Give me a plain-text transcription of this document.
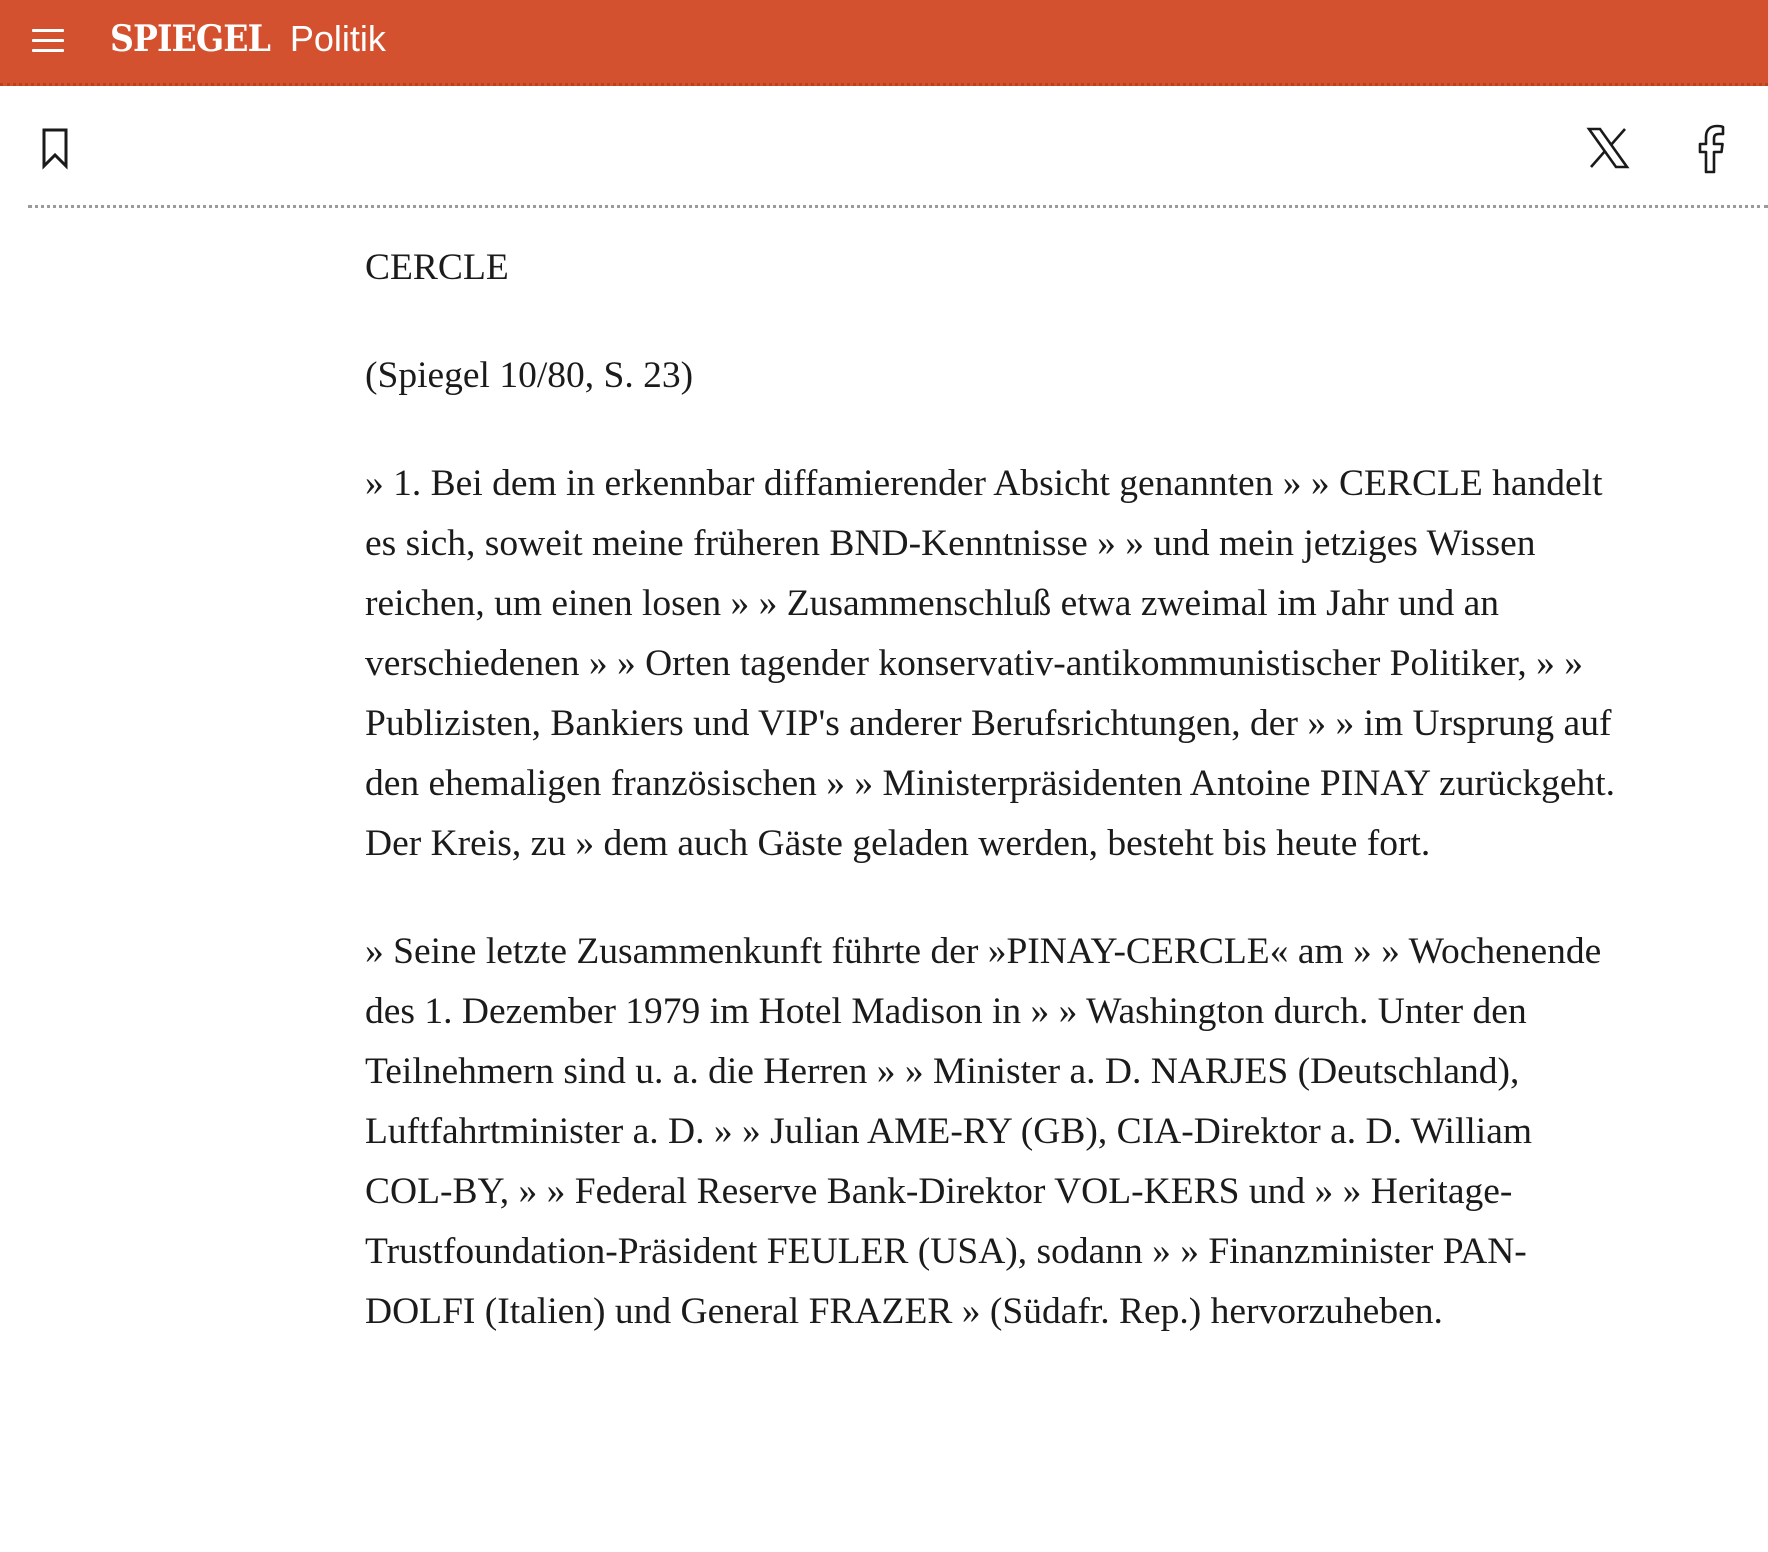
SPIEGEL Politik

CERCLE

(Spiegel 10/80, S. 23)

» 1. Bei dem in erkennbar diffamierender Absicht genannten » » CERCLE handelt es sich, soweit meine früheren BND-Kenntnisse » » und mein jetziges Wissen reichen, um einen losen » » Zusammenschluß etwa zweimal im Jahr und an verschiedenen » » Orten tagender konservativ-antikommunistischer Politiker, » » Publizisten, Bankiers und VIP's anderer Berufsrichtungen, der » » im Ursprung auf den ehemaligen französischen » » Ministerpräsidenten Antoine PINAY zurückgeht. Der Kreis, zu » dem auch Gäste geladen werden, besteht bis heute fort.

» Seine letzte Zusammenkunft führte der »PINAY-CERCLE« am » » Wochenende des 1. Dezember 1979 im Hotel Madison in » » Washington durch. Unter den Teilnehmern sind u. a. die Herren » » Minister a. D. NARJES (Deutschland), Luftfahrtminister a. D. » » Julian AME-RY (GB), CIA-Direktor a. D. William COL-BY, » » Federal Reserve Bank-Direktor VOL-KERS und » » Heritage-Trustfoundation-Präsident FEULER (USA), sodann » » Finanzminister PAN-DOLFI (Italien) und General FRAZER » (Südafr. Rep.) hervorzuheben.
